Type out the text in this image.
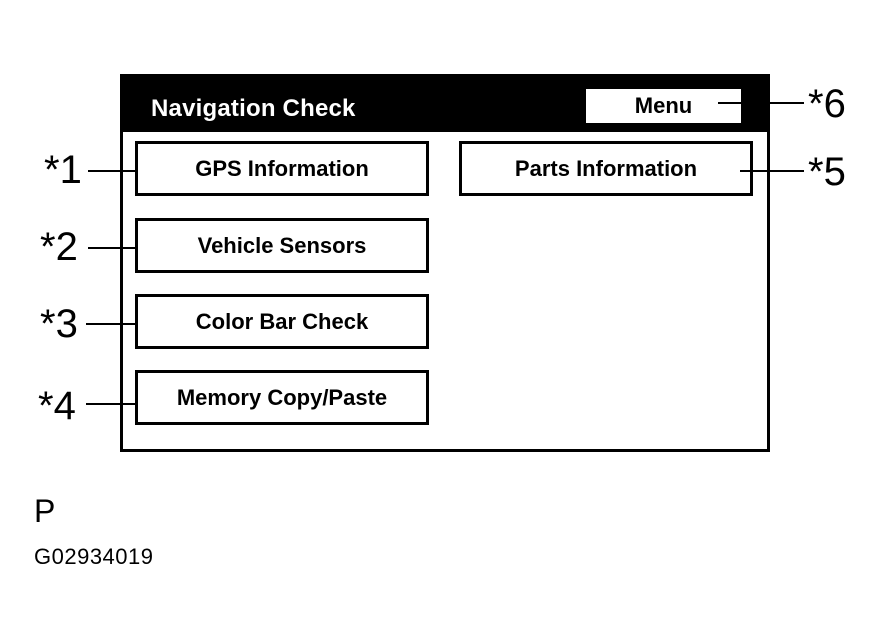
Navigation Check	Menu
GPS Information
Vehicle Sensors
Color Bar Check
Memory Copy/Paste
Parts Information
*1
*2
*3
*4
*5
*6
P
G02934019
